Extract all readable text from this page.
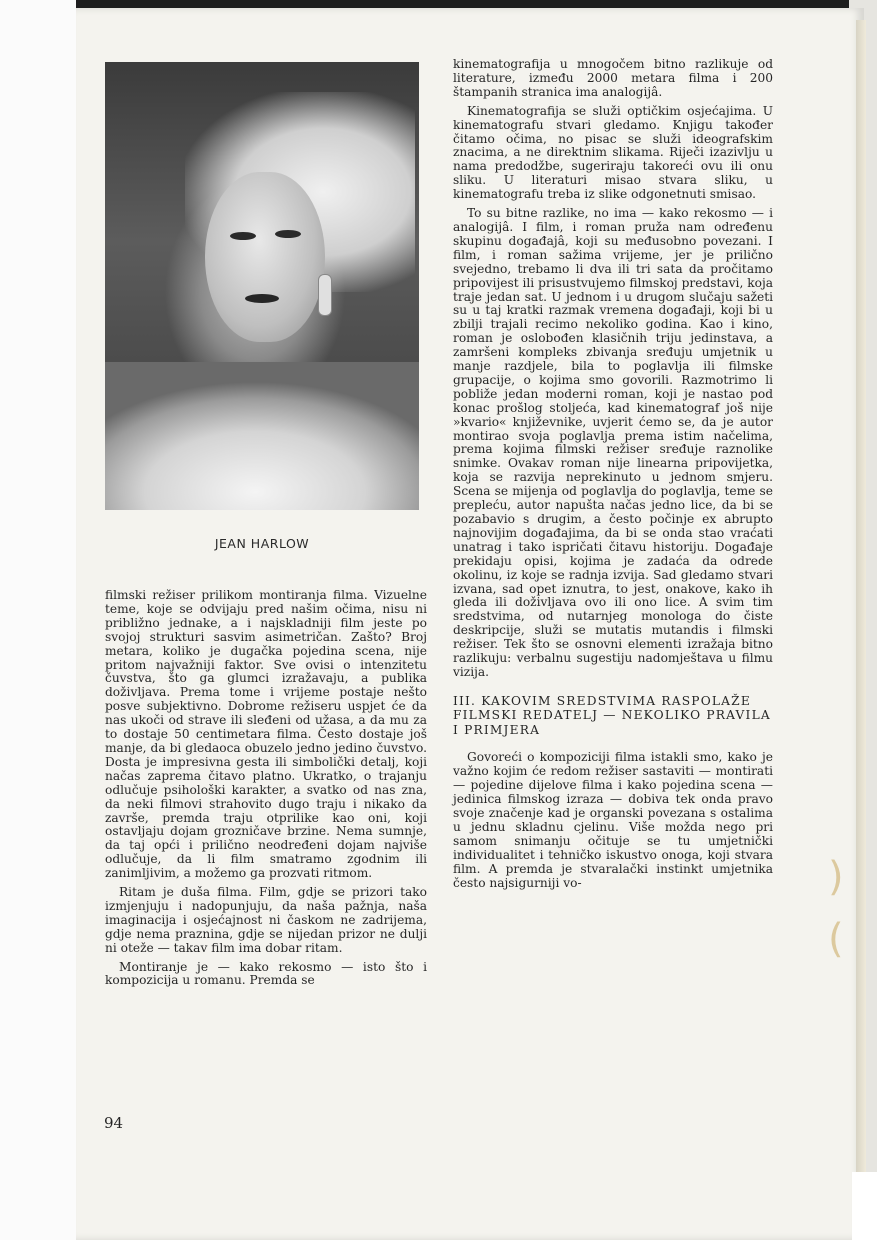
JEAN HARLOW

filmski režiser prilikom montiranja filma. Vizuelne teme, koje se odvijaju pred našim očima, nisu ni približno jednake, a i najskladniji film jeste po svojoj strukturi sasvim asimetričan. Zašto? Broj metara, koliko je dugačka pojedina scena, nije pritom najvažniji faktor. Sve ovisi o intenzitetu čuvstva, što ga glumci izražavaju, a publika doživljava. Prema tome i vrijeme postaje nešto posve subjektivno. Dobrome režiseru uspjet će da nas ukoči od strave ili sleđeni od užasa, a da mu za to dostaje 50 centimetara filma. Često dostaje još manje, da bi gledaoca obuzelo jedno jedino čuvstvo. Dosta je impresivna gesta ili simbolički detalj, koji načas zaprema čitavo platno. Ukratko, o trajanju odlučuje psihološki karakter, a svatko od nas zna, da neki filmovi strahovito dugo traju i nikako da završe, premda traju otprilike kao oni, koji ostavljaju dojam grozničave brzine. Nema sumnje, da taj opći i prilično neodređeni dojam najviše odlučuje, da li film smatramo zgodnim ili zanimljivim, a možemo ga prozvati ritmom.

Ritam je duša filma. Film, gdje se prizori tako izmjenjuju i nadopunjuju, da naša pažnja, naša imaginacija i osjećajnost ni časkom ne zadrijema, gdje nema praznina, gdje se nijedan prizor ne dulji ni oteže — takav film ima dobar ritam.

Montiranje je — kako rekosmo — isto što i kompozicija u romanu. Premda se

kinematografija u mnogočem bitno razlikuje od literature, između 2000 metara filma i 200 štampanih stranica ima analogijâ.

Kinematografija se služi optičkim osjećajima. U kinematografu stvari gledamo. Knjigu također čitamo očima, no pisac se služi ideografskim znacima, a ne direktnim slikama. Riječi izazivlju u nama predodžbe, sugeriraju takoreći ovu ili onu sliku. U literaturi misao stvara sliku, u kinematografu treba iz slike odgonetnuti smisao.

To su bitne razlike, no ima — kako rekosmo — i analogijâ. I film, i roman pruža nam određenu skupinu događajâ, koji su međusobno povezani. I film, i roman sažima vrijeme, jer je prilično svejedno, trebamo li dva ili tri sata da pročitamo pripovijest ili prisustvujemo filmskoj predstavi, koja traje jedan sat. U jednom i u drugom slučaju sažeti su u taj kratki razmak vremena događaji, koji bi u zbilji trajali recimo nekoliko godina. Kao i kino, roman je oslobođen klasičnih triju jedinstava, a zamršeni kompleks zbivanja sređuju umjetnik u manje razdjele, bila to poglavlja ili filmske grupacije, o kojima smo govorili. Razmotrimo li pobliže jedan moderni roman, koji je nastao pod konac prošlog stoljeća, kad kinematograf još nije »kvario« književnike, uvjerit ćemo se, da je autor montirao svoja poglavlja prema istim načelima, prema kojima filmski režiser sređuje raznolike snimke. Ovakav roman nije linearna pripovijetka, koja se razvija neprekinuto u jednom smjeru. Scena se mijenja od poglavlja do poglavlja, teme se prepleću, autor napušta načas jedno lice, da bi se pozabavio s drugim, a često počinje ex abrupto najnovijim događajima, da bi se onda stao vraćati unatrag i tako ispričati čitavu historiju. Događaje prekidaju opisi, kojima je zadaća da odrede okolinu, iz koje se radnja izvija. Sad gledamo stvari izvana, sad opet iznutra, to jest, onakove, kako ih gleda ili doživljava ovo ili ono lice. A svim tim sredstvima, od nutarnjeg monologa do čiste deskripcije, služi se mutatis mutandis i filmski režiser. Tek što se osnovni elementi izražaja bitno razlikuju: verbalnu sugestiju nadomještava u filmu vizija.

III. KAKOVIM SREDSTVIMA RASPOLAŽE FILMSKI REDATELJ — NEKOLIKO PRAVILA I PRIMJERA

Govoreći o kompoziciji filma istakli smo, kako je važno kojim će redom režiser sastaviti — montirati — pojedine dijelove filma i kako pojedina scena — jedinica filmskog izraza — dobiva tek onda pravo svoje značenje kad je organski povezana s ostalima u jednu skladnu cjelinu. Više možda nego pri samom snimanju očituje se tu umjetnički individualitet i tehničko iskustvo onoga, koji stvara film. A premda je stvaralački instinkt umjetnika često najsigurniji vo-

94
)(
